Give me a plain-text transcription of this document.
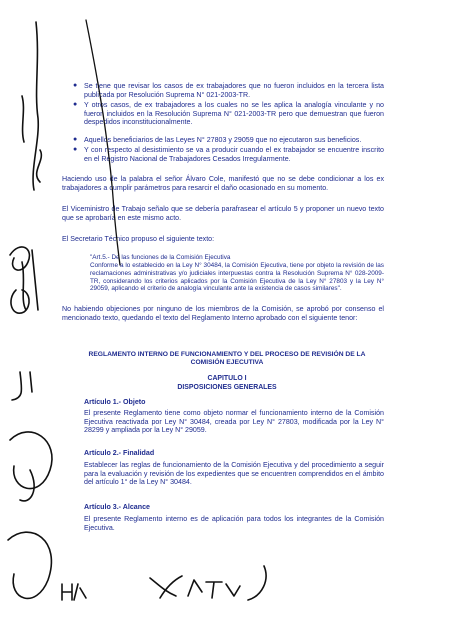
● Se tiene que revisar los casos de ex trabajadores que no fueron incluidos en la tercera lista publicada por Resolución Suprema N° 021-2003-TR.
● Y otros casos, de ex trabajadores a los cuales no se les aplica la analogía vinculante y no fueron incluidos en la Resolución Suprema N° 021-2003-TR pero que demuestran que fueron despedidos inconstitucionalmente.
● Aquellos beneficiarios de las Leyes N° 27803 y 29059 que no ejecutaron sus beneficios.
● Y con respecto al desistimiento se va a producir cuando el ex trabajador se encuentre inscrito en el Registro Nacional de Trabajadores Cesados Irregularmente.
Haciendo uso de la palabra el señor Álvaro Cole, manifestó que no se debe condicionar a los ex trabajadores a cumplir parámetros para resarcir el daño ocasionado en su momento.
El Viceministro de Trabajo señalo que se debería parafrasear el artículo 5 y proponer un nuevo texto que se aprobaría en este mismo acto.
El Secretario Técnico propuso el siguiente texto:
"Art.5.- De las funciones de la Comisión Ejecutiva
Conforme a lo establecido en la Ley N° 30484, la Comisión Ejecutiva, tiene por objeto la revisión de las reclamaciones administrativas y/o judiciales interpuestas contra la Resolución Suprema N° 028-2009-TR, considerando los criterios aplicados por la Comisión Ejecutiva de la Ley N° 27803 y la Ley N° 29059, aplicando el criterio de analogía vinculante ante la existencia de casos similares".
No habiendo objeciones por ninguno de los miembros de la Comisión, se aprobó por consenso el mencionado texto, quedando el texto del Reglamento Interno aprobado con el siguiente tenor:
REGLAMENTO INTERNO DE FUNCIONAMIENTO Y DEL PROCESO DE REVISIÓN DE LA COMISIÓN EJECUTIVA
CAPITULO I
DISPOSICIONES GENERALES
Artículo 1.- Objeto
El presente Reglamento tiene como objeto normar el funcionamiento interno de la Comisión Ejecutiva reactivada por Ley N° 30484, creada por Ley N° 27803, modificada por la Ley N° 28299 y ampliada por la Ley N° 29059.
Artículo 2.- Finalidad
Establecer las reglas de funcionamiento de la Comisión Ejecutiva y del procedimiento a seguir para la evaluación y revisión de los expedientes que se encuentren comprendidos en el ámbito del artículo 1° de la Ley N° 30484.
Artículo 3.- Alcance
El presente Reglamento interno es de aplicación para todos los integrantes de la Comisión Ejecutiva.
